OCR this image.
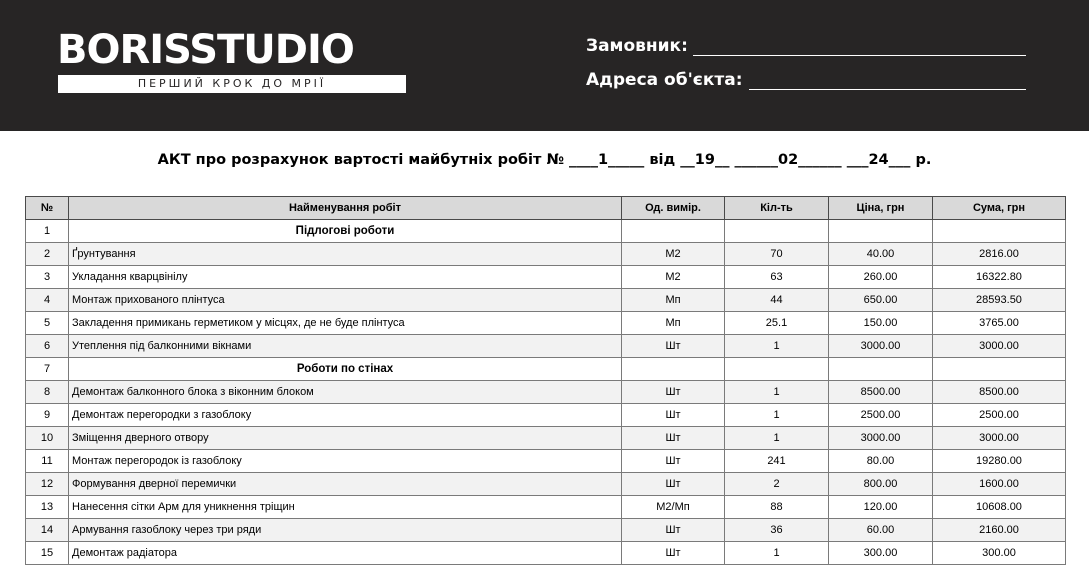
BORISSTUDIO
ПЕРШИЙ КРОК ДО МРІЇ
Замовник:
Адреса об'єкта:
АКТ про розрахунок вартості майбутніх робіт № ____1_____ від __19__ ______02______ ___24___ р.
№	Найменування робіт	Од. вимір.	Кіл-ть	Ціна, грн	Сума, грн
1	Підлогові роботи				
2	Ґрунтування	М2	70	40.00	2816.00
3	Укладання кварцвінілу	М2	63	260.00	16322.80
4	Монтаж прихованого плінтуса	Мп	44	650.00	28593.50
5	Закладення примикань герметиком у місцях, де не буде плінтуса	Мп	25.1	150.00	3765.00
6	Утеплення під балконними вікнами	Шт	1	3000.00	3000.00
7	Роботи по стінах				
8	Демонтаж балконного блока з віконним блоком	Шт	1	8500.00	8500.00
9	Демонтаж перегородки з газоблоку	Шт	1	2500.00	2500.00
10	Зміщення дверного отвору	Шт	1	3000.00	3000.00
11	Монтаж перегородок із газоблоку	Шт	241	80.00	19280.00
12	Формування дверної перемички	Шт	2	800.00	1600.00
13	Нанесення сітки Арм для уникнення тріщин	М2/Мп	88	120.00	10608.00
14	Армування газоблоку через три ряди	Шт	36	60.00	2160.00
15	Демонтаж радіатора	Шт	1	300.00	300.00
